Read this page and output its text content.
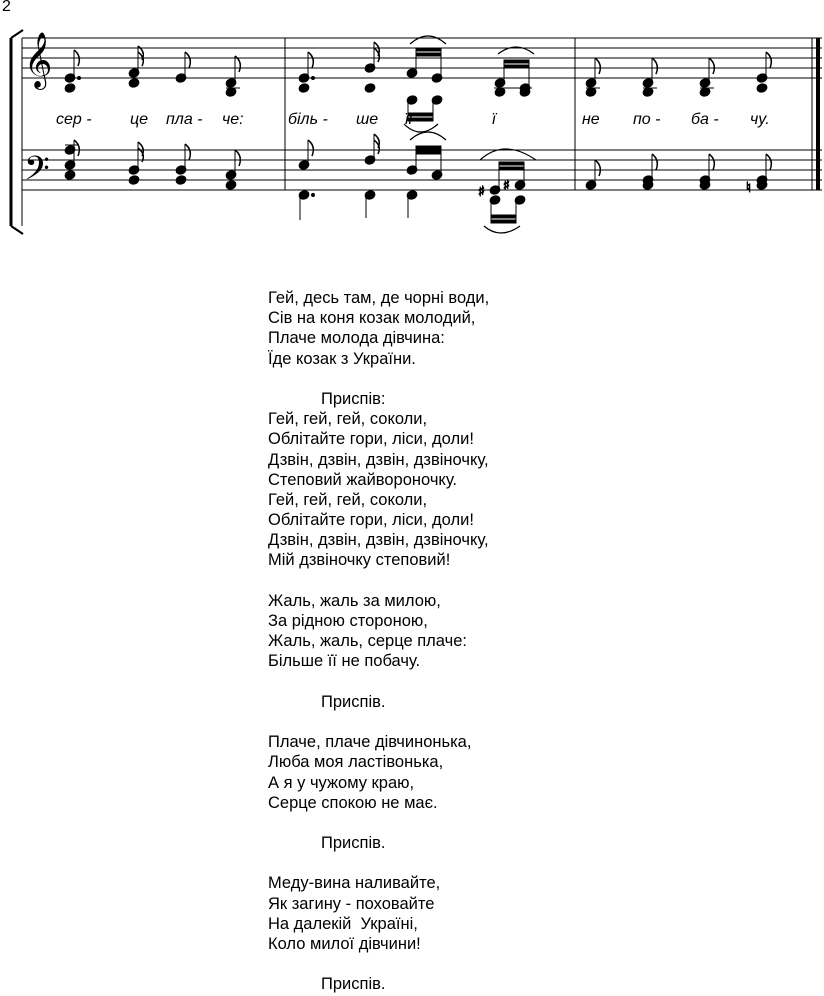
2
𝄞
𝄢	♯ ♯	♮
сер - це пла - че:	біль - ше її	ї	не по - ба - чу.
Гей, десь там, де чорні води,
Сів на коня козак молодий,
Плаче молода дівчина:
Їде козак з України.
Приспів:
Гей, гей, гей, соколи,
Облітайте гори, ліси, доли!
Дзвін, дзвін, дзвін, дзвіночку,
Степовий жайвороночку.
Гей, гей, гей, соколи,
Облітайте гори, ліси, доли!
Дзвін, дзвін, дзвін, дзвіночку,
Мій дзвіночку степовий!
Жаль, жаль за милою,
За рідною стороною,
Жаль, жаль, серце плаче:
Більше її не побачу.
Приспів.
Плаче, плаче дівчинонька,
Люба моя ластівонька,
А я у чужому краю,
Серце спокою не має.
Приспів.
Меду-вина наливайте,
Як загину - поховайте
На далекій  Україні,
Коло милої дівчини!
Приспів.
